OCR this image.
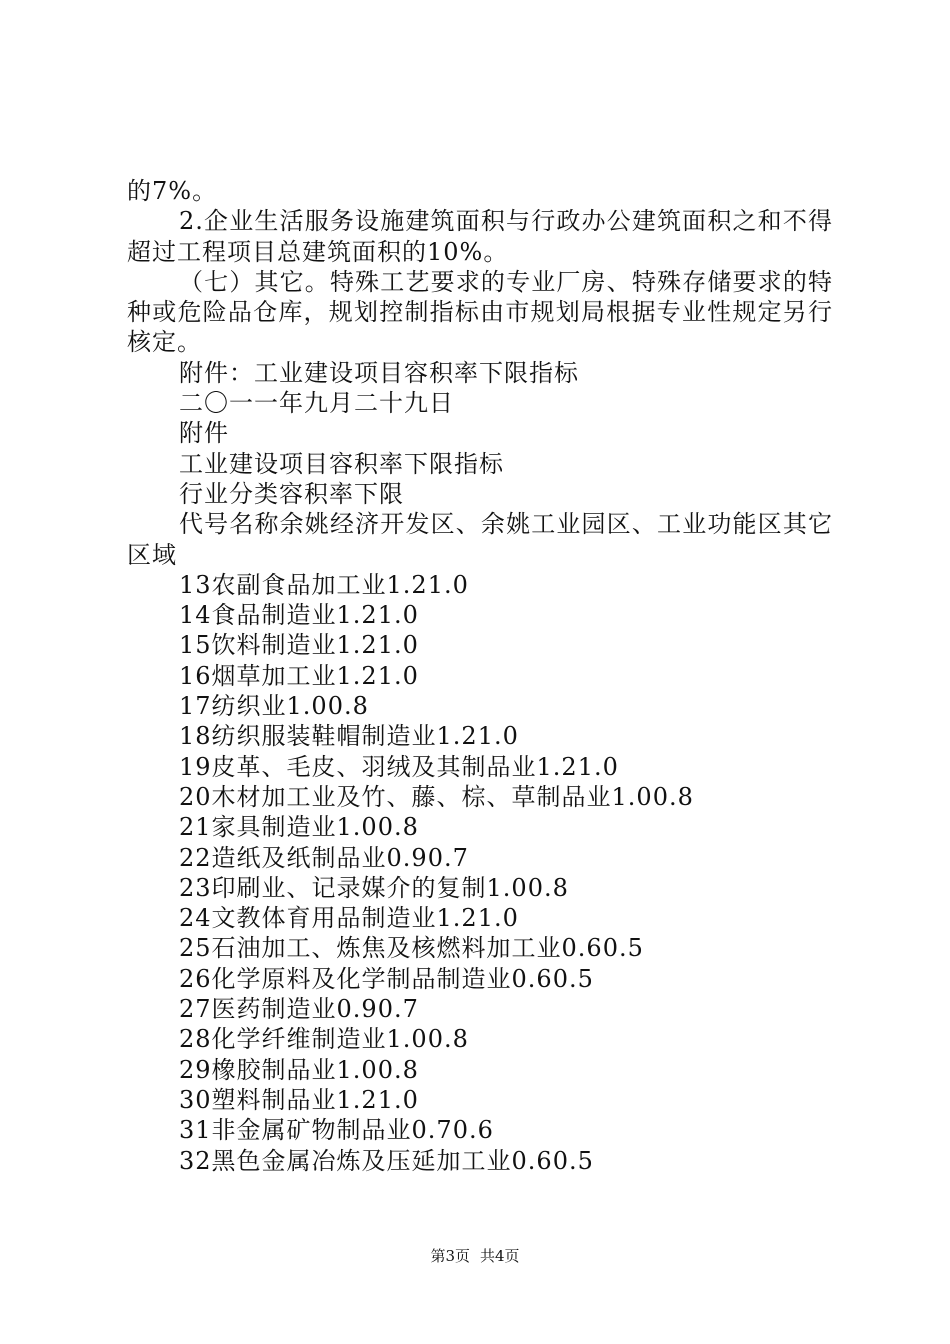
的7%。

2.企业生活服务设施建筑面积与行政办公建筑面积之和不得超过工程项目总建筑面积的10%。

（七）其它。特殊工艺要求的专业厂房、特殊存储要求的特种或危险品仓库，规划控制指标由市规划局根据专业性规定另行核定。

附件：工业建设项目容积率下限指标

二〇一一年九月二十九日

附件

工业建设项目容积率下限指标

行业分类容积率下限

代号名称余姚经济开发区、余姚工业园区、工业功能区其它区域

13农副食品加工业1.21.0

14食品制造业1.21.0

15饮料制造业1.21.0

16烟草加工业1.21.0

17纺织业1.00.8

18纺织服装鞋帽制造业1.21.0

19皮革、毛皮、羽绒及其制品业1.21.0

20木材加工业及竹、藤、棕、草制品业1.00.8

21家具制造业1.00.8

22造纸及纸制品业0.90.7

23印刷业、记录媒介的复制1.00.8

24文教体育用品制造业1.21.0

25石油加工、炼焦及核燃料加工业0.60.5

26化学原料及化学制品制造业0.60.5

27医药制造业0.90.7

28化学纤维制造业1.00.8

29橡胶制品业1.00.8

30塑料制品业1.21.0

31非金属矿物制品业0.70.6

32黑色金属冶炼及压延加工业0.60.5

第3页 共4页
